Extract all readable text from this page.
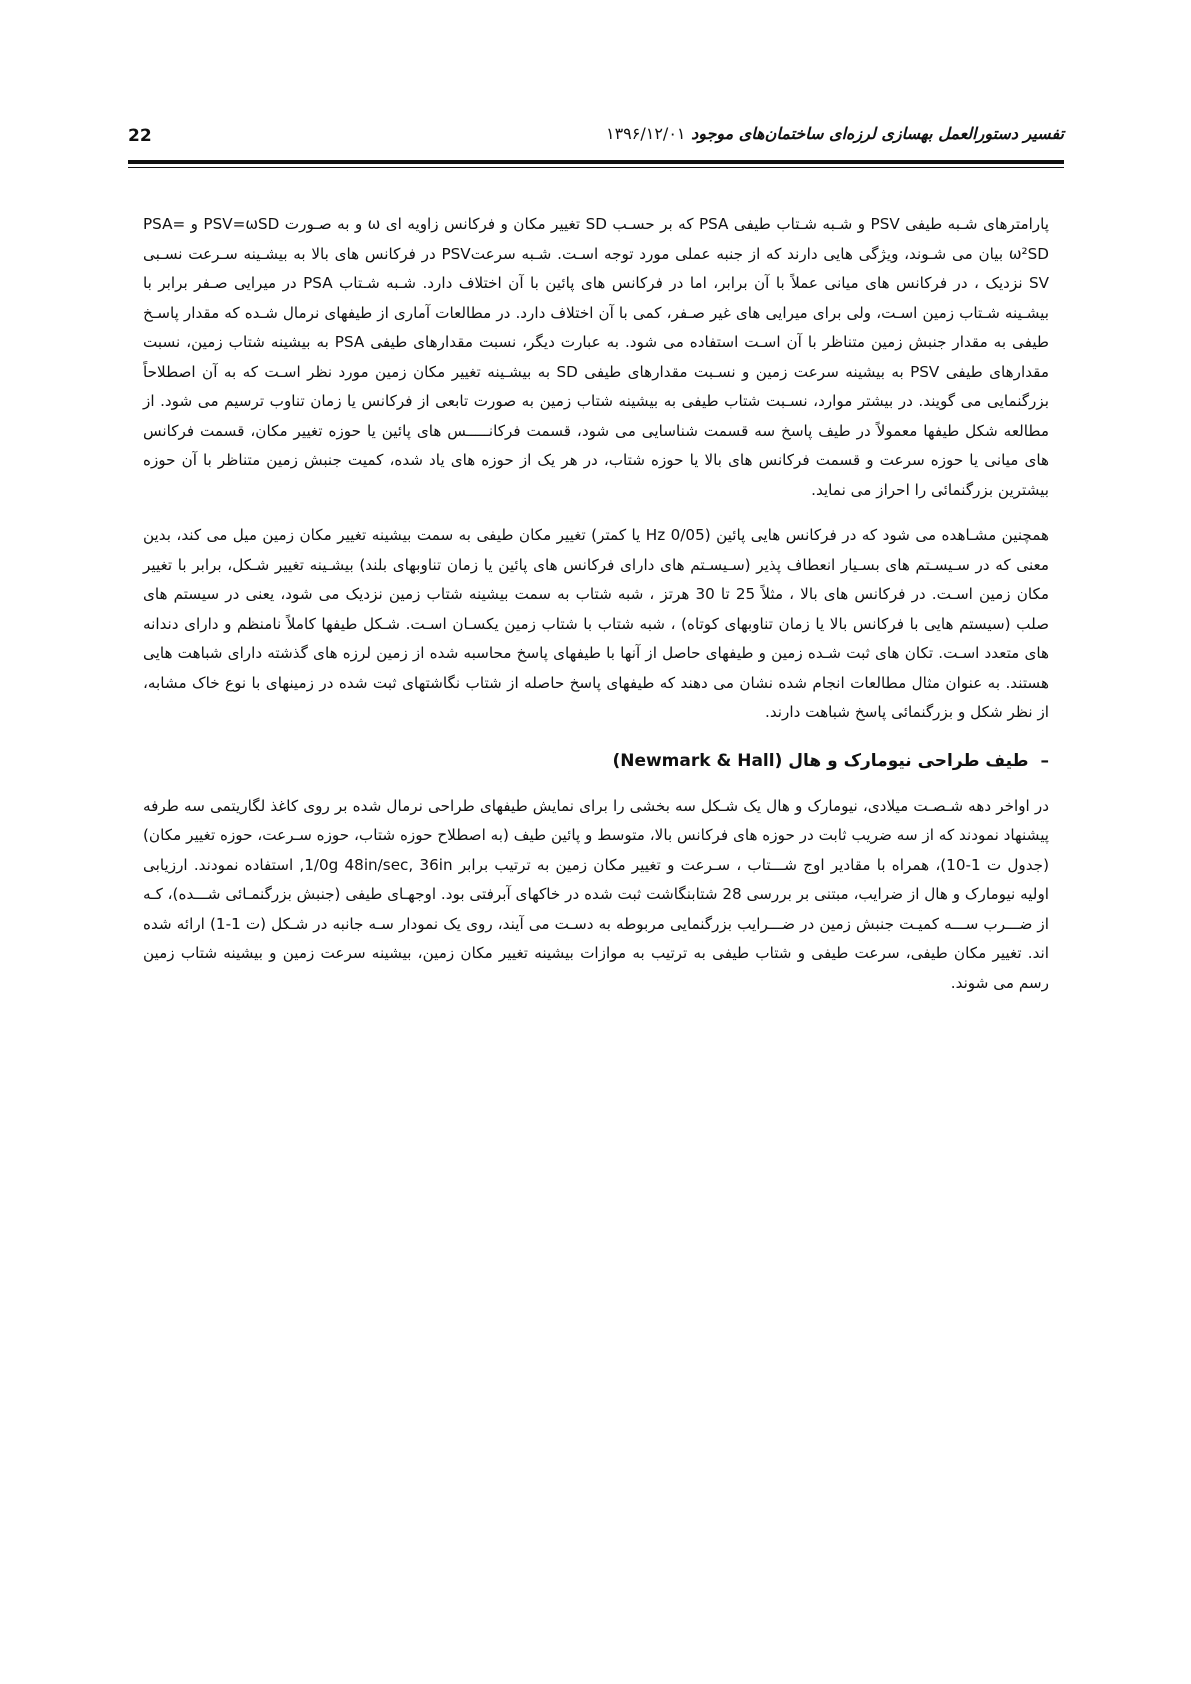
22	تفسیر دستورالعمل بهسازی لرزه‌ای ساختمان‌های موجود ۱۳۹۶/۱۲/۰۱

پارامترهای شـبه طیفی PSV و شـبه شـتاب طیفی PSA که بر حسـب SD تغییر مکان و فرکانس زاویه ای ω و به صـورت PSV=ωSD و PSA= ω²SD بیان می شـوند، ویژگی هایی دارند که از جنبه عملی مورد توجه اسـت. شـبه سرعتPSV در فرکانس های بالا به بیشـینه سـرعت نسـبی SV نزدیک ، در فرکانس های میانی عملاً با آن برابر، اما در فرکانس های پائین با آن اختلاف دارد. شـبه شـتاب PSA در میرایی صـفر برابر با بیشـینه شـتاب زمین اسـت، ولی برای میرایی های غیر صـفر، کمی با آن اختلاف دارد. در مطالعات آماری از طیفهای نرمال شـده که مقدار پاسـخ طیفی به مقدار جنبش زمین متناظر با آن اسـت استفاده می شود. به عبارت دیگر، نسبت مقدارهای طیفی PSA به بیشینه شتاب زمین، نسبت مقدارهای طیفی PSV به بیشینه سرعت زمین و نسـبت مقدارهای طیفی SD به بیشـینه تغییر مکان زمین مورد نظر اسـت که به آن اصطلاحاً بزرگنمایی می گویند. در بیشتر موارد، نسـبت شتاب طیفی به بیشینه شتاب زمین به صورت تابعی از فرکانس یا زمان تناوب ترسیم می شود. از مطالعه شکل طیفها معمولاً در طیف پاسخ سه قسمت شناسایی می شود، قسمت فرکانـــــس های پائین یا حوزه تغییر مکان، قسمت فرکانس های میانی یا حوزه سرعت و قسمت فرکانس های بالا یا حوزه شتاب، در هر یک از حوزه های یاد شده، کمیت جنبش زمین متناظر با آن حوزه بیشترین بزرگنمائی را احراز می نماید.

همچنین مشـاهده می شود که در فرکانس هایی پائین (0/05 Hz یا کمتر) تغییر مکان طیفی به سمت بیشینه تغییر مکان زمین میل می کند، بدین معنی که در سـیسـتم های بسـیار انعطاف پذیر (سـیسـتم های دارای فرکانس های پائین یا زمان تناوبهای بلند) بیشـینه تغییر شـکل، برابر با تغییر مکان زمین اسـت. در فرکانس های بالا ، مثلاً 25 تا 30 هرتز ، شبه شتاب به سمت بیشینه شتاب زمین نزدیک می شود، یعنی در سیستم های صلب (سیستم هایی با فرکانس بالا یا زمان تناوبهای کوتاه) ، شبه شتاب با شتاب زمین یکسـان اسـت. شـکل طیفها کاملاً نامنظم و دارای دندانه های متعدد اسـت. تکان های ثبت شـده زمین و طیفهای حاصل از آنها با طیفهای پاسخ محاسبه شده از زمین لرزه های گذشته دارای شباهت هایی هستند. به عنوان مثال مطالعات انجام شده نشان می دهند که طیفهای پاسخ حاصله از شتاب نگاشتهای ثبت شده در زمینهای با نوع خاک مشابه، از نظر شکل و بزرگنمائی پاسخ شباهت دارند.

– طیف طراحی نیومارک و هال (Newmark & Hall)

در اواخر دهه شـصـت میلادی، نیومارک و هال یک شـکل سه بخشی را برای نمایش طیفهای طراحی نرمال شده بر روی کاغذ لگاریتمی سه طرفه پیشنهاد نمودند که از سه ضریب ثابت در حوزه های فرکانس بالا، متوسط و پائین طیف (به اصطلاح حوزه شتاب، حوزه سـرعت، حوزه تغییر مکان) (جدول ت 1-10)، همراه با مقادیر اوج شـــتاب ، سـرعت و تغییر مکان زمین به ترتیب برابر 1/0g 48in/sec, 36in, استفاده نمودند. ارزیابی اولیه نیومارک و هال از ضرایب، مبتنی بر بررسی 28 شتابنگاشت ثبت شده در خاکهای آبرفتی بود. اوجهـای طیفی (جنبش بزرگنمـائی شـــده)، کـه از ضـــرب ســـه کمیـت جنبش زمین در ضـــرایب بزرگنمایی مربوطه به دسـت می آیند، روی یک نمودار سـه جانبه در شـکل (ت 1-1) ارائه شده اند. تغییر مکان طیفی، سرعت طیفی و شتاب طیفی به ترتیب به موازات بیشینه تغییر مکان زمین، بیشینه سرعت زمین و بیشینه شتاب زمین رسم می شوند.
